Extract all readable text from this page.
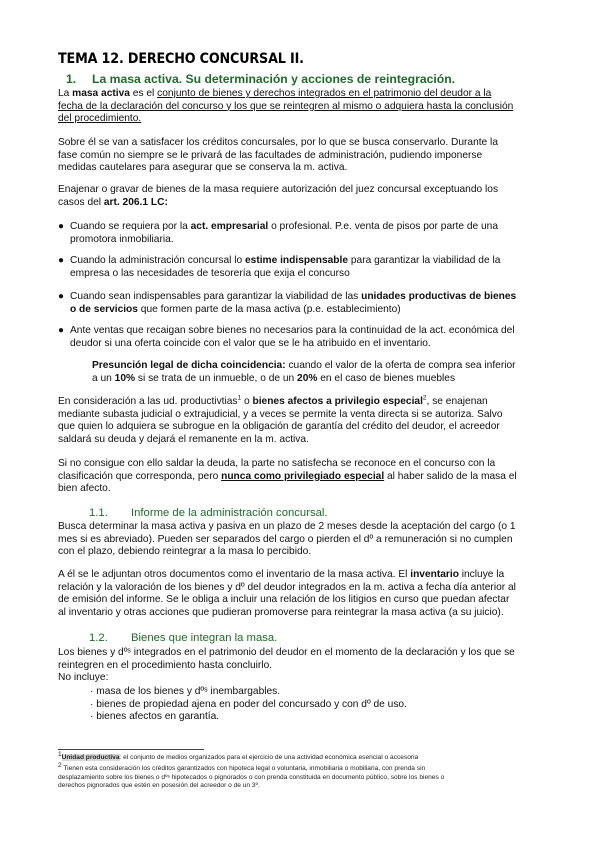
TEMA 12. DERECHO CONCURSAL II.
1. La masa activa. Su determinación y acciones de reintegración.
La masa activa es el conjunto de bienes y derechos integrados en el patrimonio del deudor a la
fecha de la declaración del concurso y los que se reintegren al mismo o adquiera hasta la conclusión
del procedimiento.
Sobre él se van a satisfacer los créditos concursales, por lo que se busca conservarlo. Durante la
fase común no siempre se le privará de las facultades de administración, pudiendo imponerse
medidas cautelares para asegurar que se conserva la m. activa.
Enajenar o gravar de bienes de la masa requiere autorización del juez concursal exceptuando los
casos del art. 206.1 LC:
● Cuando se requiera por la act. empresarial o profesional. P.e. venta de pisos por parte de una
promotora inmobiliaria.
● Cuando la administración concursal lo estime indispensable para garantizar la viabilidad de la
empresa o las necesidades de tesorería que exija el concurso
● Cuando sean indispensables para garantizar la viabilidad de las unidades productivas de bienes
o de servicios que formen parte de la masa activa (p.e. establecimiento)
● Ante ventas que recaigan sobre bienes no necesarios para la continuidad de la act. económica del
deudor si una oferta coincide con el valor que se le ha atribuido en el inventario.
Presunción legal de dicha coincidencia: cuando el valor de la oferta de compra sea inferior
a un 10% si se trata de un inmueble, o de un 20% en el caso de bienes muebles
En consideración a las ud. productivtias$^1$ o bienes afectos a privilegio especial$^2$, se enajenan
mediante subasta judicial o extrajudicial, y a veces se permite la venta directa si se autoriza. Salvo
que quien lo adquiera se subrogue en la obligación de garantía del crédito del deudor, el acreedor
saldará su deuda y dejará el remanente en la m. activa.
Si no consigue con ello saldar la deuda, la parte no satisfecha se reconoce en el concurso con la
clasificación que corresponda, pero nunca como privilegiado especial al haber salido de la masa el
bien afecto.
1.1. Informe de la administración concursal.
Busca determinar la masa activa y pasiva en un plazo de 2 meses desde la aceptación del cargo (o 1
mes si es abreviado). Pueden ser separados del cargo o pierden el dº a remuneración si no cumplen
con el plazo, debiendo reintegrar a la masa lo percibido.
A él se le adjuntan otros documentos como el inventario de la masa activa. El inventario incluye la
relación y la valoración de los bienes y dº del deudor integrados en la m. activa a fecha día anterior al
de emisión del informe. Se le obliga a incluir una relación de los litigios en curso que puedan afectar
al inventario y otras acciones que pudieran promoverse para reintegrar la masa activa (a su juicio).
1.2. Bienes que integran la masa.
Los bienes y dºˢ integrados en el patrimonio del deudor en el momento de la declaración y los que se
reintegren en el procedimiento hasta concluirlo.
No incluye:
· masa de los bienes y dºˢ inembargables.
· bienes de propiedad ajena en poder del concursado y con dº de uso.
· bienes afectos en garantía.
$^1$Unidad productiva: el conjunto de medios organizados para el ejercicio de una actividad económica esencial o accesoria
$^2$ Tienen esta consideración los créditos garantizados con hipoteca legal o voluntaria, inmobiliaria o mobiliaria, con prenda sin
desplazamiento sobre los bienes o dºˢ hipotecados o pignorados o con prenda constituida en documento público, sobre los bienes o
derechos pignorados que estén en posesión del acreedor o de un 3º.
